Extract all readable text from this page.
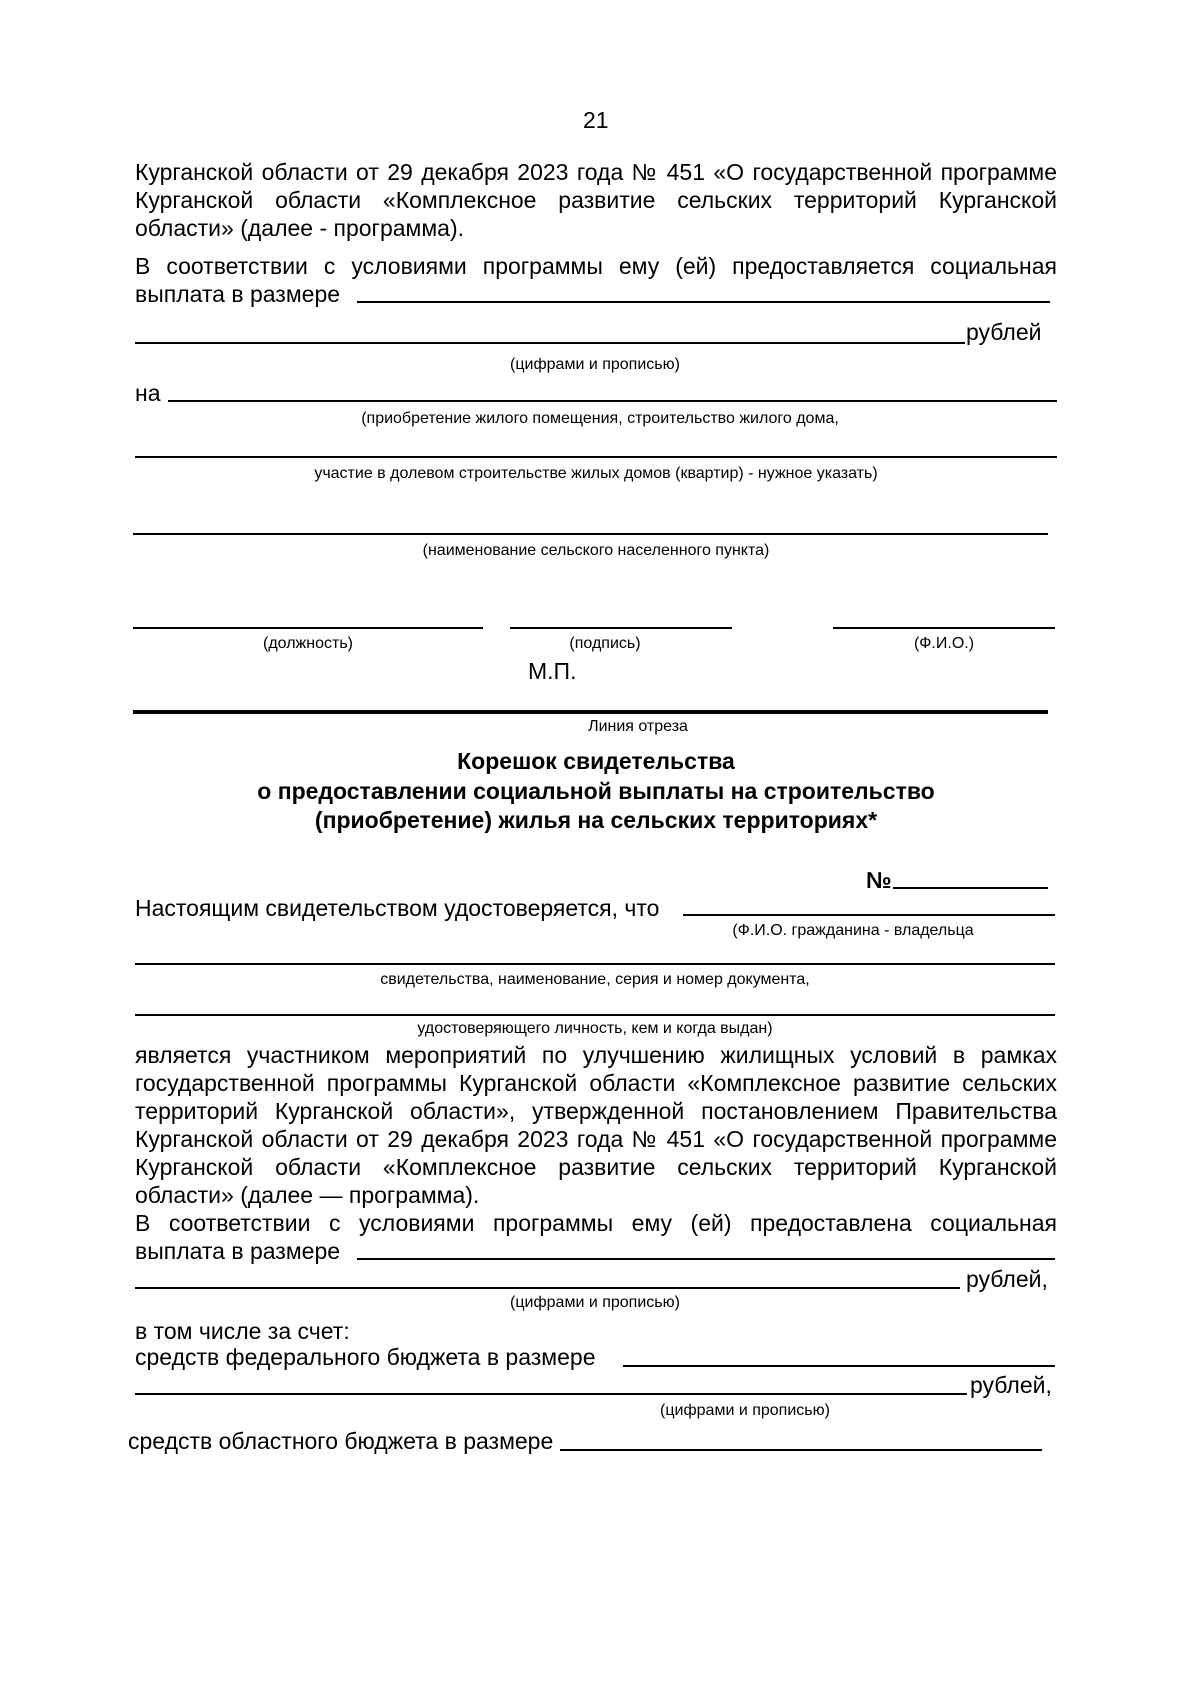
21
Курганской области от 29 декабря 2023 года № 451 «О государственной программе
Курганской области «Комплексное развитие сельских территорий Курганской
области» (далее - программа).
В соответствии с условиями программы ему (ей) предоставляется социальная
выплата в размере
рублей
(цифрами и прописью)
на
(приобретение жилого помещения, строительство жилого дома,
участие в долевом строительстве жилых домов (квартир) - нужное указать)
(наименование сельского населенного пункта)
(должность)	(подпись)	(Ф.И.О.)
М.П.
Линия отреза
Корешок свидетельства
о предоставлении социальной выплаты на строительство
(приобретение) жилья на сельских территориях*
№
Настоящим свидетельством удостоверяется, что
(Ф.И.О. гражданина - владельца
свидетельства, наименование, серия и номер документа,
удостоверяющего личность, кем и когда выдан)
является участником мероприятий по улучшению жилищных условий в рамках
государственной программы Курганской области «Комплексное развитие сельских
территорий Курганской области», утвержденной постановлением Правительства
Курганской области от 29 декабря 2023 года № 451 «О государственной программе
Курганской области «Комплексное развитие сельских территорий Курганской
области» (далее — программа).
В соответствии с условиями программы ему (ей) предоставлена социальная
выплата в размере
рублей,
(цифрами и прописью)
в том числе за счет:
средств федерального бюджета в размере
рублей,
(цифрами и прописью)
средств областного бюджета в размере
